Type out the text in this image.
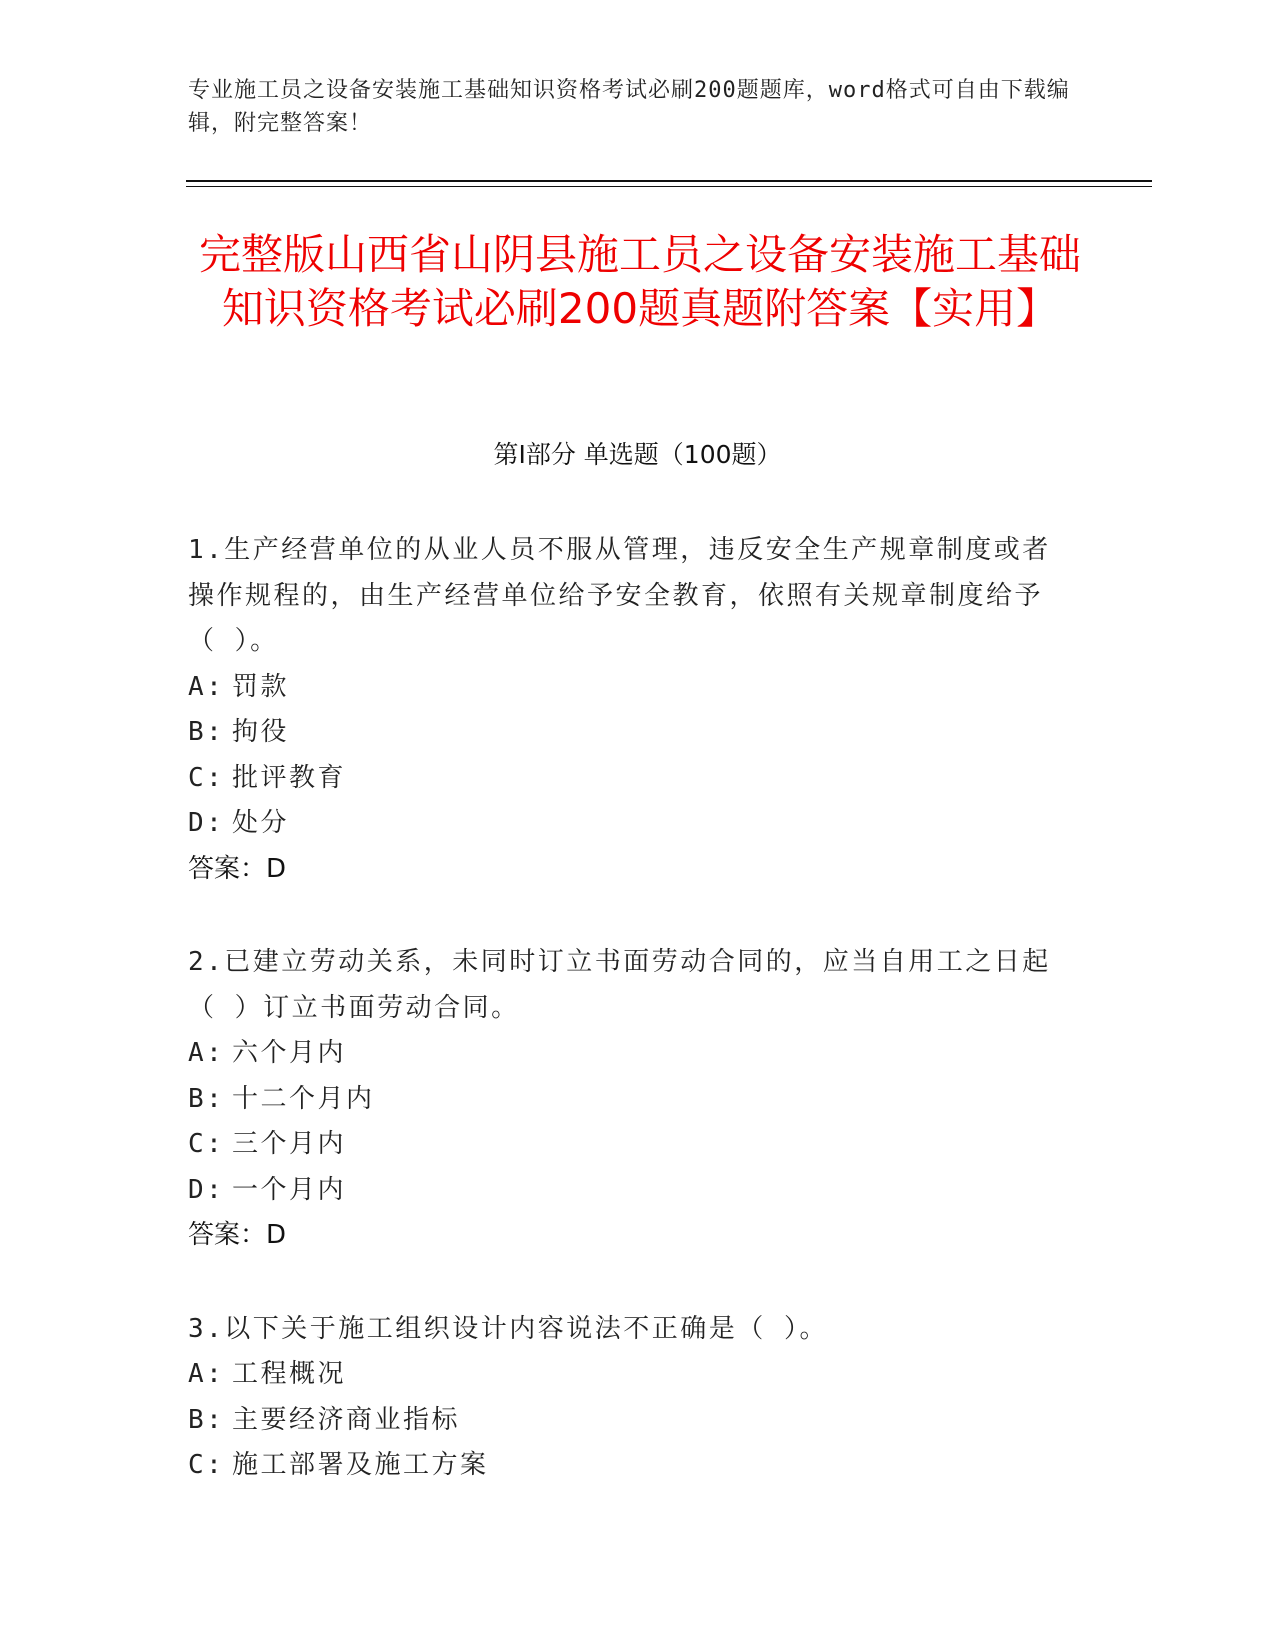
专业施工员之设备安装施工基础知识资格考试必刷200题题库，word格式可自由下载编辑，附完整答案！
完整版山西省山阴县施工员之设备安装施工基础知识资格考试必刷200题真题附答案【实用】
第Ⅰ部分 单选题（100题）
1.生产经营单位的从业人员不服从管理，违反安全生产规章制度或者操作规程的，由生产经营单位给予安全教育，依照有关规章制度给予（ ）。
A: 罚款
B: 拘役
C: 批评教育
D: 处分
答案：D
2.已建立劳动关系，未同时订立书面劳动合同的，应当自用工之日起（ ）订立书面劳动合同。
A: 六个月内
B: 十二个月内
C: 三个月内
D: 一个月内
答案：D
3.以下关于施工组织设计内容说法不正确是（ ）。
A: 工程概况
B: 主要经济商业指标
C: 施工部署及施工方案
